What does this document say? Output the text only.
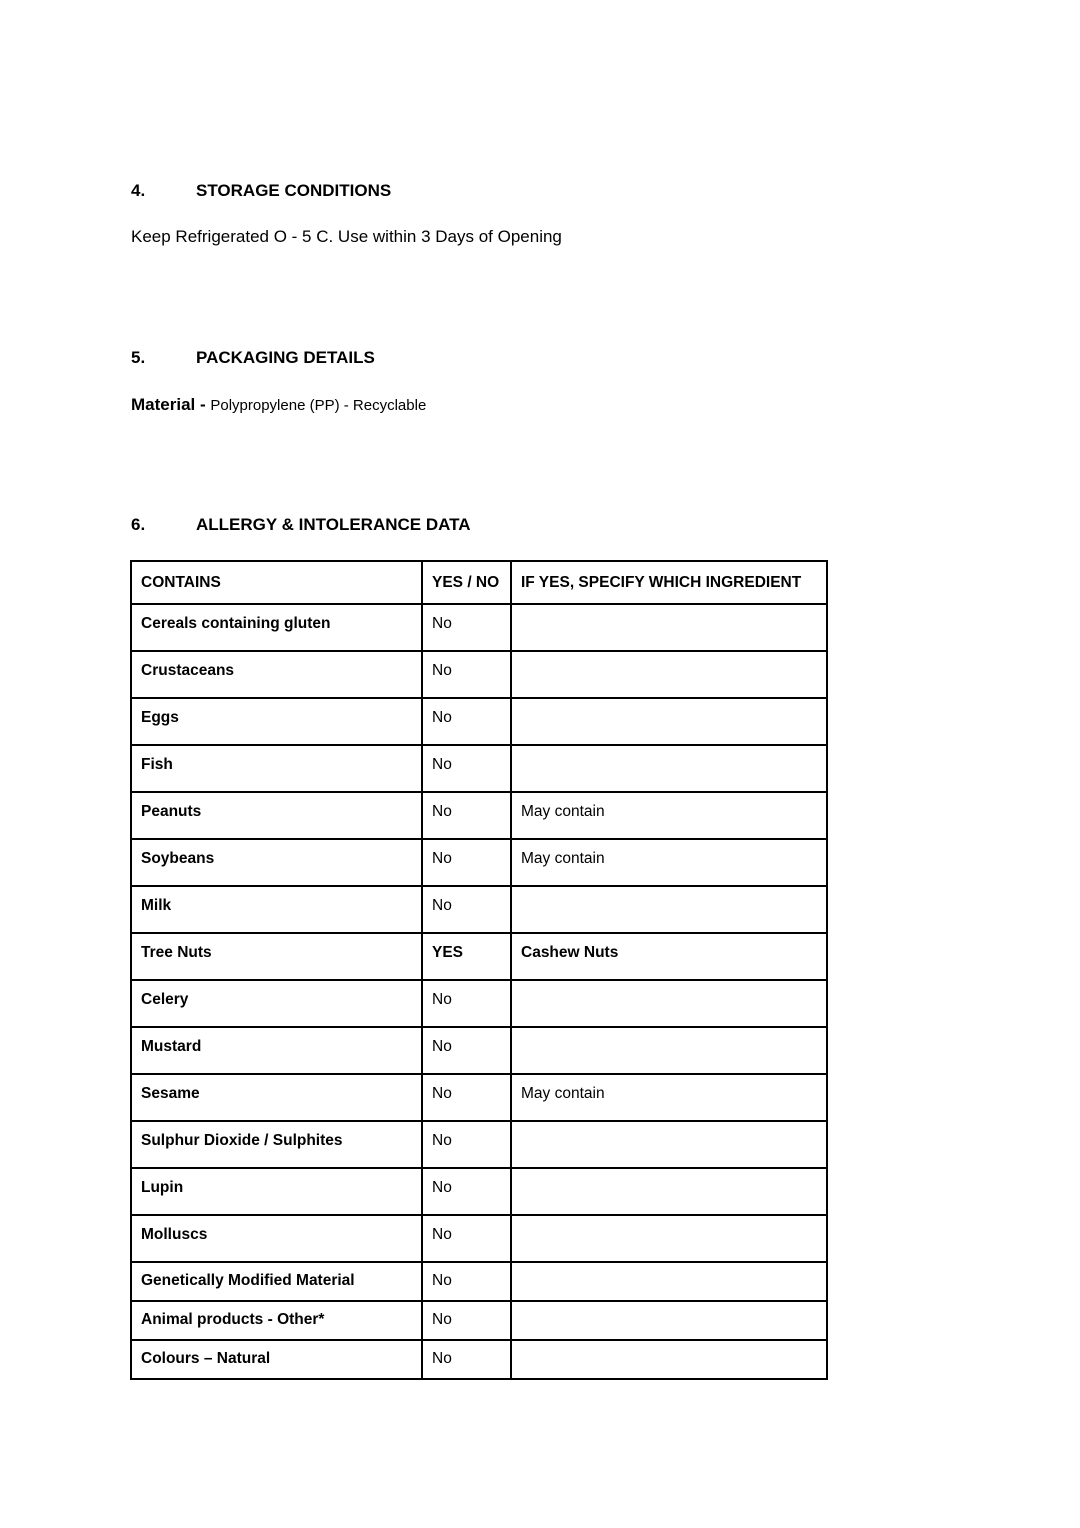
4.	STORAGE CONDITIONS
Keep Refrigerated O - 5 C. Use within 3 Days of Opening
5.	PACKAGING DETAILS
Material - Polypropylene (PP) - Recyclable
6.	ALLERGY & INTOLERANCE DATA
CONTAINS	YES / NO	IF YES, SPECIFY WHICH INGREDIENT
Cereals containing gluten	No	
Crustaceans	No	
Eggs	No	
Fish	No	
Peanuts	No	May contain
Soybeans	No	May contain
Milk	No	
Tree Nuts	YES	Cashew Nuts
Celery	No	
Mustard	No	
Sesame	No	May contain
Sulphur Dioxide / Sulphites	No	
Lupin	No	
Molluscs	No	
Genetically Modified Material	No	
Animal products - Other*	No	
Colours – Natural	No	
